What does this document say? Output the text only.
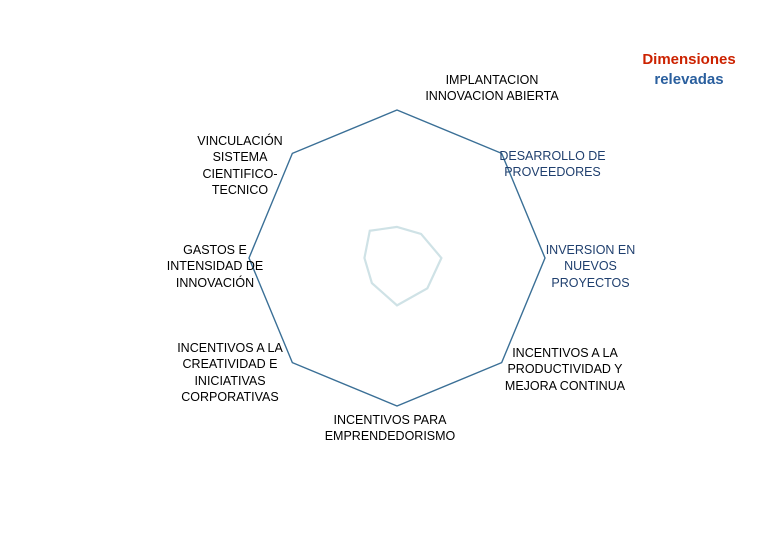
Dimensiones
relevadas
IMPLANTACION INNOVACION ABIERTA
VINCULACIÓN SISTEMA CIENTIFICO-TECNICO
DESARROLLO DE PROVEEDORES
GASTOS E INTENSIDAD DE INNOVACIÓN
INVERSION EN NUEVOS PROYECTOS
INCENTIVOS A LA CREATIVIDAD E INICIATIVAS CORPORATIVAS
INCENTIVOS A LA PRODUCTIVIDAD Y MEJORA CONTINUA
INCENTIVOS PARA EMPRENDEDORISMO
